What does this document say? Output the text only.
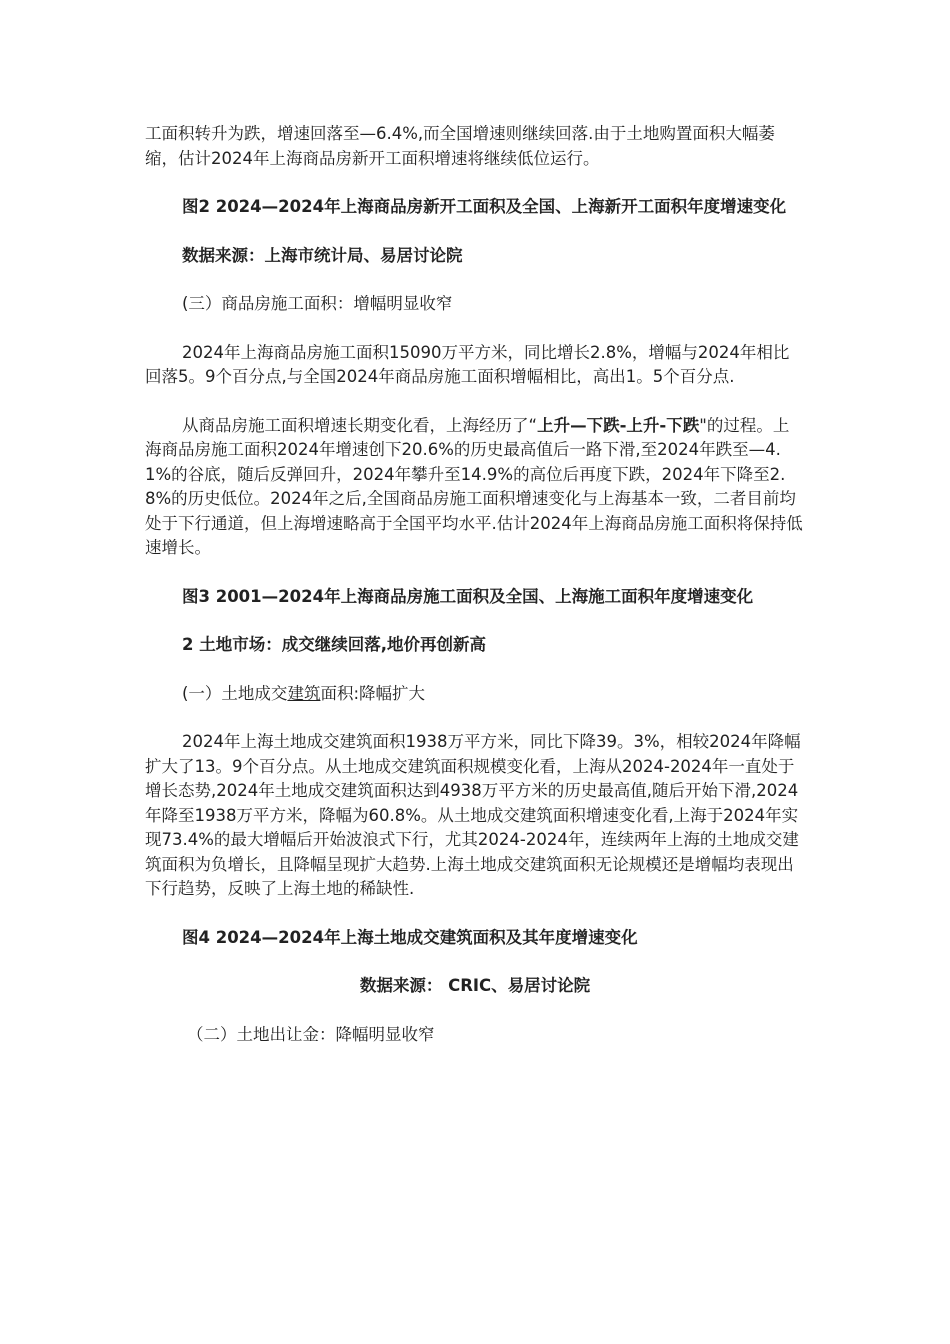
工面积转升为跌，增速回落至—6.4%,而全国增速则继续回落.由于土地购置面积大幅萎缩，估计2024年上海商品房新开工面积增速将继续低位运行。

图2 2024—2024年上海商品房新开工面积及全国、上海新开工面积年度增速变化

数据来源：上海市统计局、易居讨论院

(三）商品房施工面积：增幅明显收窄

2024年上海商品房施工面积15090万平方米，同比增长2.8%，增幅与2024年相比回落5。9个百分点,与全国2024年商品房施工面积增幅相比，高出1。5个百分点.

从商品房施工面积增速长期变化看，上海经历了“上升—下跌-上升-下跌"的过程。上海商品房施工面积2024年增速创下20.6%的历史最高值后一路下滑,至2024年跌至—4.1%的谷底，随后反弹回升，2024年攀升至14.9%的高位后再度下跌，2024年下降至2.8%的历史低位。2024年之后,全国商品房施工面积增速变化与上海基本一致，二者目前均处于下行通道，但上海增速略高于全国平均水平.估计2024年上海商品房施工面积将保持低速增长。

图3 2001—2024年上海商品房施工面积及全国、上海施工面积年度增速变化

2 土地市场：成交继续回落,地价再创新高

(一）土地成交建筑面积:降幅扩大

2024年上海土地成交建筑面积1938万平方米，同比下降39。3%，相较2024年降幅扩大了13。9个百分点。从土地成交建筑面积规模变化看，上海从2024-2024年一直处于增长态势,2024年土地成交建筑面积达到4938万平方米的历史最高值,随后开始下滑,2024年降至1938万平方米，降幅为60.8%。从土地成交建筑面积增速变化看,上海于2024年实现73.4%的最大增幅后开始波浪式下行，尤其2024-2024年，连续两年上海的土地成交建筑面积为负增长，且降幅呈现扩大趋势.上海土地成交建筑面积无论规模还是增幅均表现出下行趋势，反映了上海土地的稀缺性.

图4 2024—2024年上海土地成交建筑面积及其年度增速变化

数据来源： CRIC、易居讨论院

（二）土地出让金：降幅明显收窄
